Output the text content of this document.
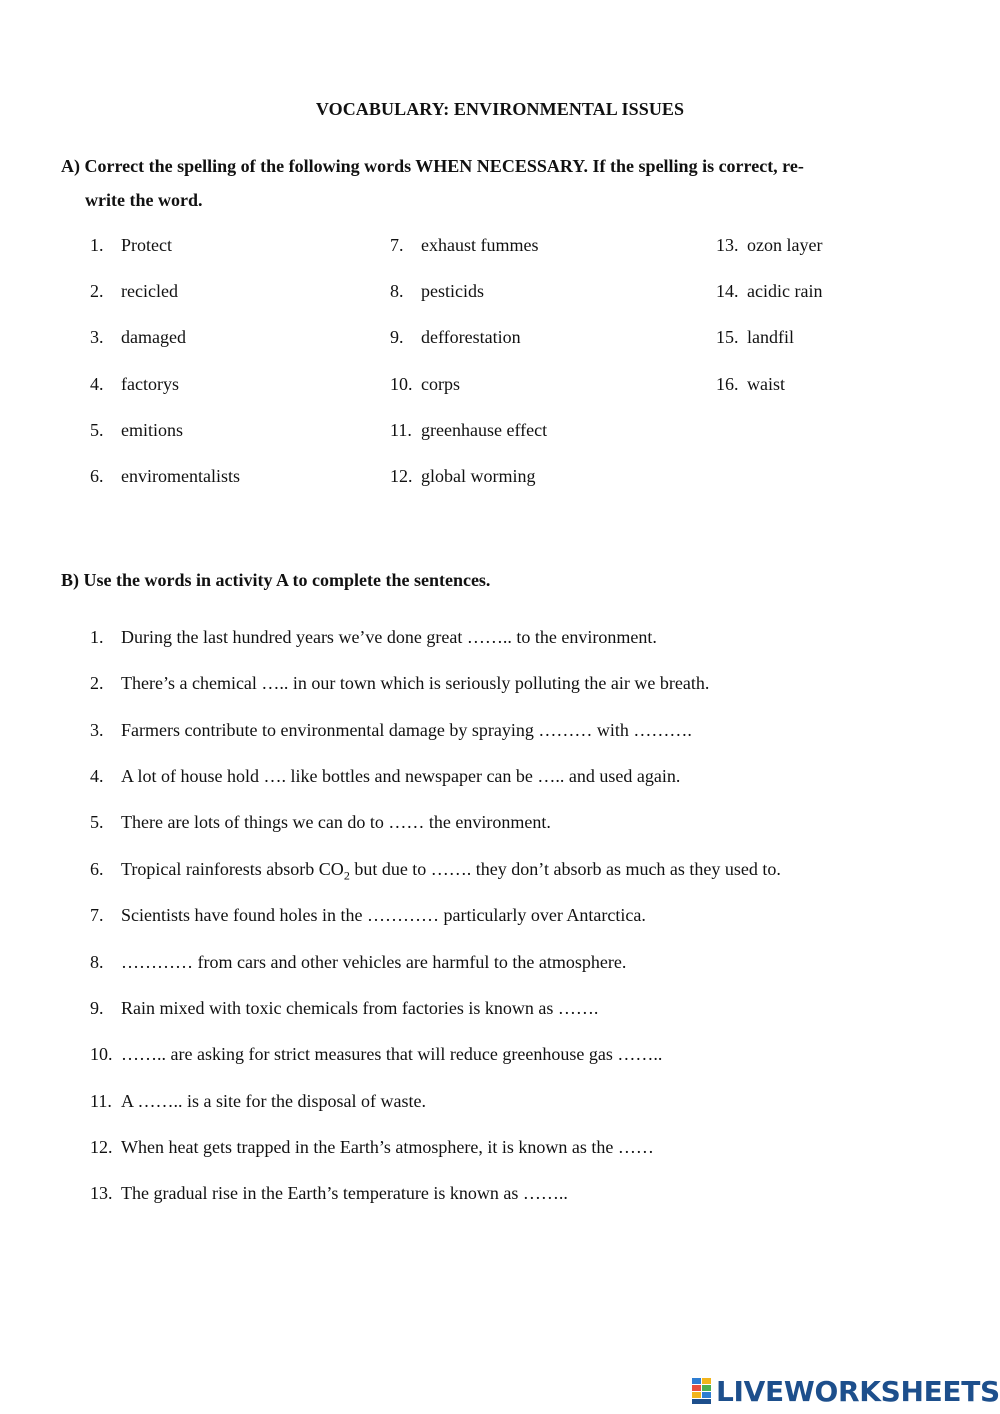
VOCABULARY: ENVIRONMENTAL ISSUES
A) Correct the spelling of the following words WHEN NECESSARY. If the spelling is correct, re-
write the word.
1. Protect
2. recicled
3. damaged
4. factorys
5. emitions
6. enviromentalists
7. exhaust fummes
8. pesticids
9. defforestation
10. corps
11. greenhause effect
12. global worming
13. ozon layer
14. acidic rain
15. landfil
16. waist
B) Use the words in activity A to complete the sentences.
1. During the last hundred years we’ve done great …….. to the environment.
2. There’s a chemical ….. in our town which is seriously polluting the air we breath.
3. Farmers contribute to environmental damage by spraying ……… with ……….
4. A lot of house hold …. like bottles and newspaper can be ….. and used again.
5. There are lots of things we can do to …… the environment.
6. Tropical rainforests absorb $CO_2$ but due to ……. they don’t absorb as much as they used to.
7. Scientists have found holes in the ………… particularly over Antarctica.
8. ………… from cars and other vehicles are harmful to the atmosphere.
9. Rain mixed with toxic chemicals from factories is known as …….
10. …….. are asking for strict measures that will reduce greenhouse gas ……..
11. A …….. is a site for the disposal of waste.
12. When heat gets trapped in the Earth’s atmosphere, it is known as the ……
13. The gradual rise in the Earth’s temperature is known as ……..
LIVEWORKSHEETS
